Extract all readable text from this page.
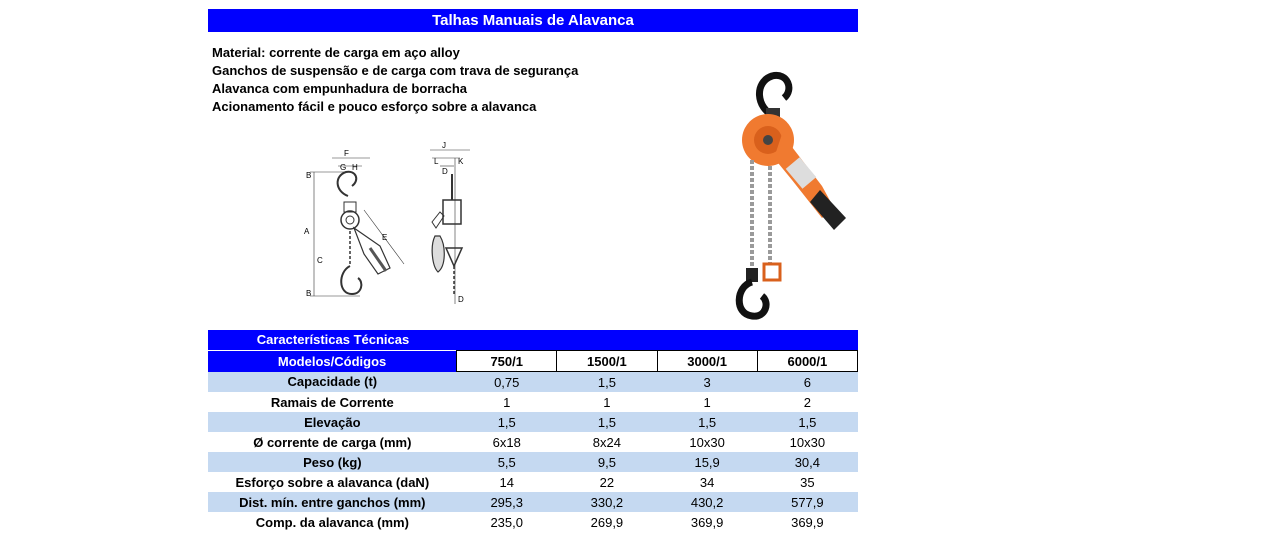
Talhas Manuais de Alavanca
Material: corrente de carga em aço alloy
Ganchos de suspensão e de carga com trava de segurança
Alavanca com empunhadura de borracha
Acionamento fácil e pouco esforço sobre a alavanca
A
B
B
C
E
F
G H
J
L K
D
D
Características Técnicas
Modelos/Códigos	750/1	1500/1	3000/1	6000/1
Capacidade (t)	0,75	1,5	3	6
Ramais de Corrente	1	1	1	2
Elevação	1,5	1,5	1,5	1,5
Ø corrente de carga (mm)	6x18	8x24	10x30	10x30
Peso (kg)	5,5	9,5	15,9	30,4
Esforço sobre a alavanca (daN)	14	22	34	35
Dist. mín. entre ganchos (mm)	295,3	330,2	430,2	577,9
Comp. da alavanca (mm)	235,0	269,9	369,9	369,9
